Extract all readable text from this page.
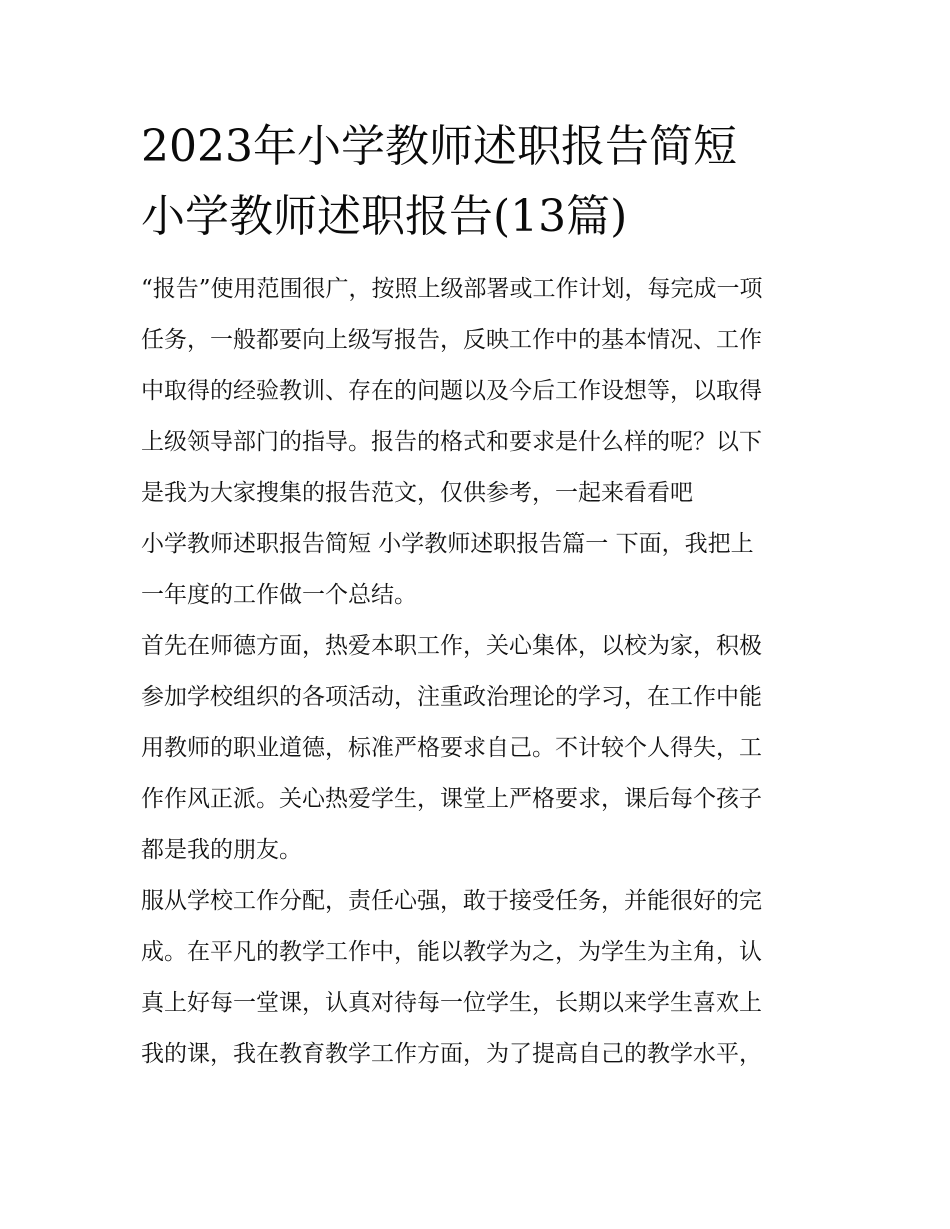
2023年小学教师述职报告简短
小学教师述职报告(13篇)

“报告”使用范围很广，按照上级部署或工作计划，每完成一项
任务，一般都要向上级写报告，反映工作中的基本情况、工作
中取得的经验教训、存在的问题以及今后工作设想等，以取得
上级领导部门的指导。报告的格式和要求是什么样的呢？以下
是我为大家搜集的报告范文，仅供参考，一起来看看吧

小学教师述职报告简短 小学教师述职报告篇一 下面，我把上
一年度的工作做一个总结。

首先在师德方面，热爱本职工作，关心集体，以校为家，积极
参加学校组织的各项活动，注重政治理论的学习，在工作中能
用教师的职业道德，标准严格要求自己。不计较个人得失，工
作作风正派。关心热爱学生，课堂上严格要求，课后每个孩子
都是我的朋友。

服从学校工作分配，责任心强，敢于接受任务，并能很好的完
成。在平凡的教学工作中，能以教学为之，为学生为主角，认
真上好每一堂课，认真对待每一位学生，长期以来学生喜欢上
我的课，我在教育教学工作方面，为了提高自己的教学水平，
